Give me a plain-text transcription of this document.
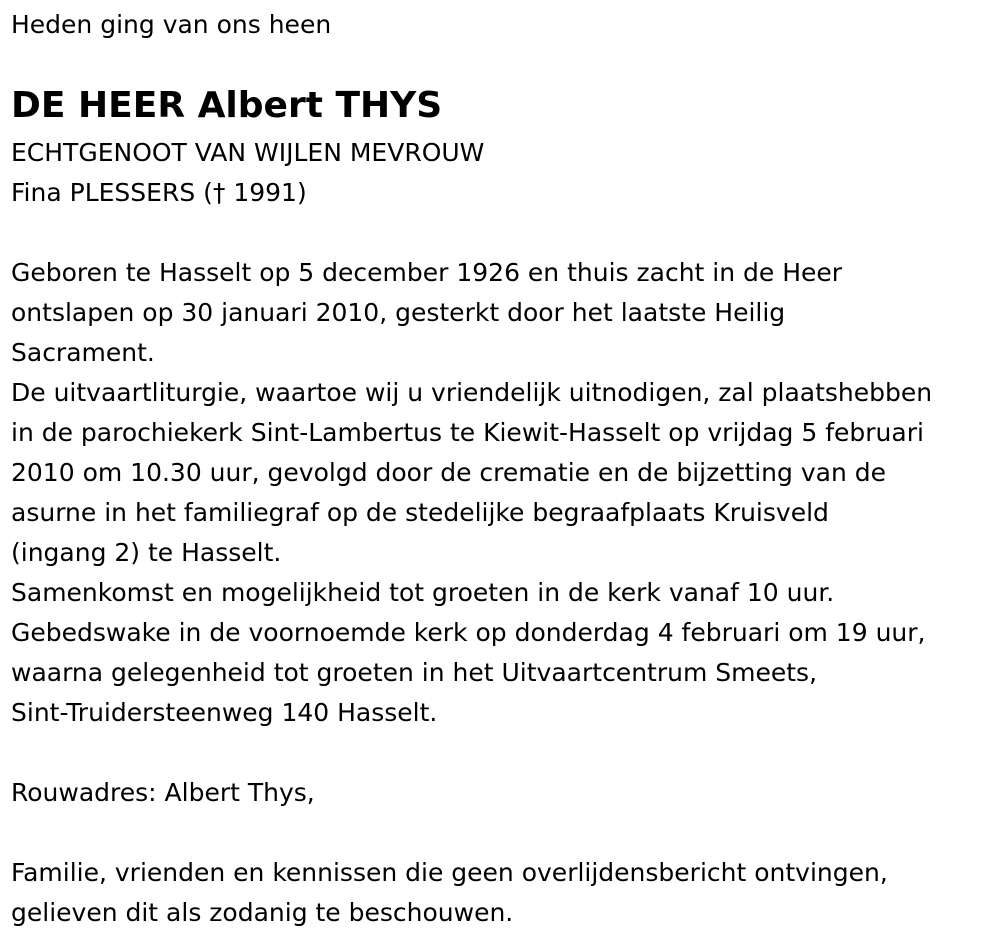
Heden ging van ons heen

DE HEER Albert THYS

ECHTGENOOT VAN WIJLEN MEVROUW

Fina PLESSERS († 1991)

Geboren te Hasselt op 5 december 1926 en thuis zacht in de Heer

ontslapen op 30 januari 2010, gesterkt door het laatste Heilig

Sacrament.

De uitvaartliturgie, waartoe wij u vriendelijk uitnodigen, zal plaatshebben

in de parochiekerk Sint-Lambertus te Kiewit-Hasselt op vrijdag 5 februari

2010 om 10.30 uur, gevolgd door de crematie en de bijzetting van de

asurne in het familiegraf op de stedelijke begraafplaats Kruisveld

(ingang 2) te Hasselt.

Samenkomst en mogelijkheid tot groeten in de kerk vanaf 10 uur.

Gebedswake in de voornoemde kerk op donderdag 4 februari om 19 uur,

waarna gelegenheid tot groeten in het Uitvaartcentrum Smeets,

Sint-Truidersteenweg 140 Hasselt.

Rouwadres: Albert Thys,

Familie, vrienden en kennissen die geen overlijdensbericht ontvingen,

gelieven dit als zodanig te beschouwen.
